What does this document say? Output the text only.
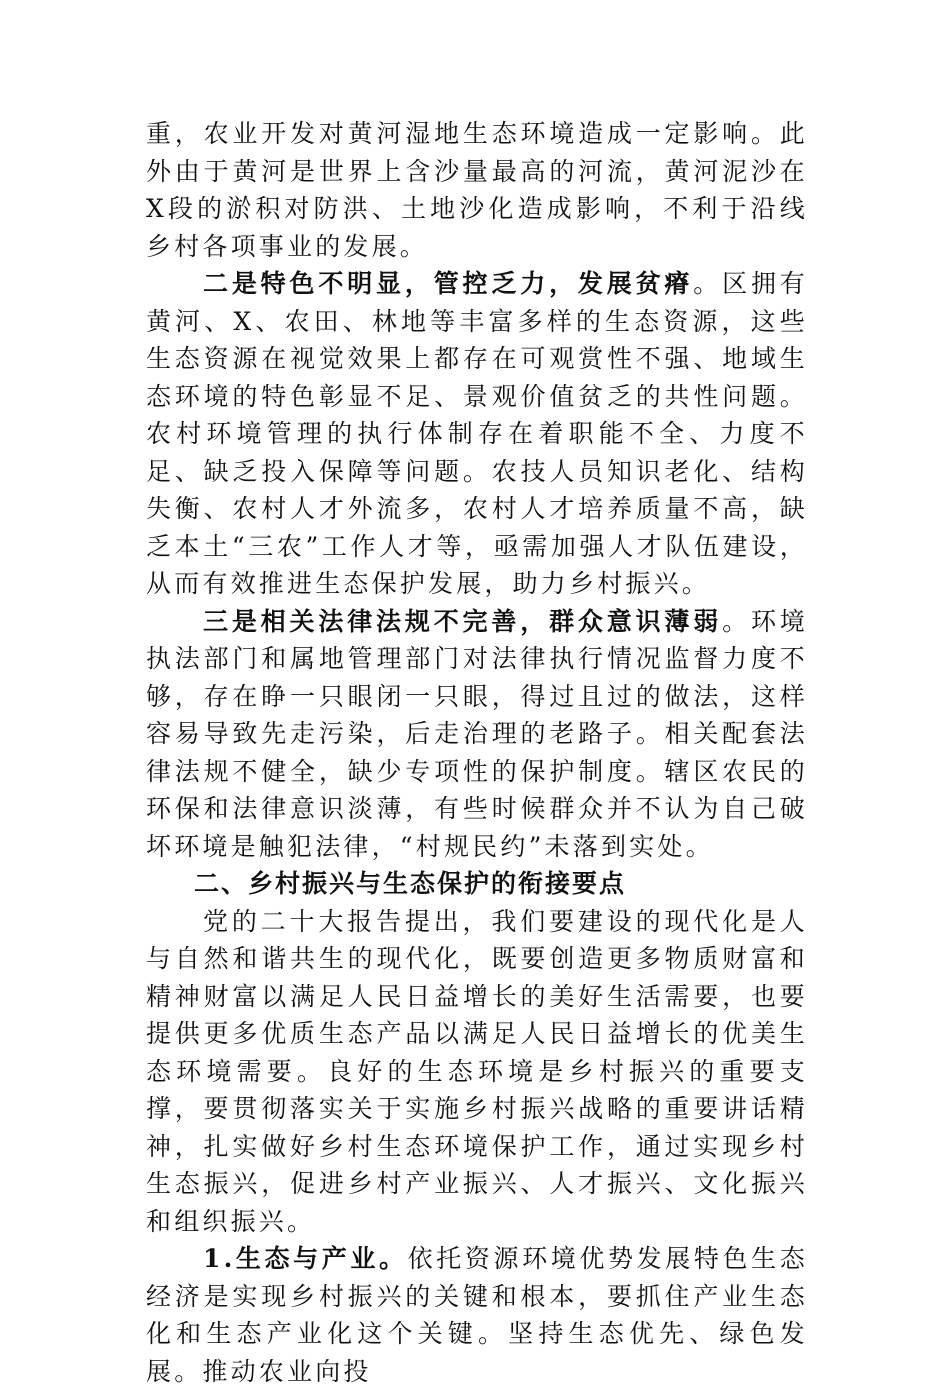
重，农业开发对黄河湿地生态环境造成一定影响。此外由于黄河是世界上含沙量最高的河流，黄河泥沙在X段的淤积对防洪、土地沙化造成影响，不利于沿线乡村各项事业的发展。

二是特色不明显，管控乏力，发展贫瘠。区拥有黄河、X、农田、林地等丰富多样的生态资源，这些生态资源在视觉效果上都存在可观赏性不强、地域生态环境的特色彰显不足、景观价值贫乏的共性问题。农村环境管理的执行体制存在着职能不全、力度不足、缺乏投入保障等问题。农技人员知识老化、结构失衡、农村人才外流多，农村人才培养质量不高，缺乏本土“三农”工作人才等，亟需加强人才队伍建设，从而有效推进生态保护发展，助力乡村振兴。

三是相关法律法规不完善，群众意识薄弱。环境执法部门和属地管理部门对法律执行情况监督力度不够，存在睁一只眼闭一只眼，得过且过的做法，这样容易导致先走污染，后走治理的老路子。相关配套法律法规不健全，缺少专项性的保护制度。辖区农民的环保和法律意识淡薄，有些时候群众并不认为自己破坏环境是触犯法律，“村规民约”未落到实处。

二、乡村振兴与生态保护的衔接要点

党的二十大报告提出，我们要建设的现代化是人与自然和谐共生的现代化，既要创造更多物质财富和精神财富以满足人民日益增长的美好生活需要，也要提供更多优质生态产品以满足人民日益增长的优美生态环境需要。良好的生态环境是乡村振兴的重要支撑，要贯彻落实关于实施乡村振兴战略的重要讲话精神，扎实做好乡村生态环境保护工作，通过实现乡村生态振兴，促进乡村产业振兴、人才振兴、文化振兴和组织振兴。

1.生态与产业。依托资源环境优势发展特色生态经济是实现乡村振兴的关键和根本，要抓住产业生态化和生态产业化这个关键。坚持生态优先、绿色发展。推动农业向投
